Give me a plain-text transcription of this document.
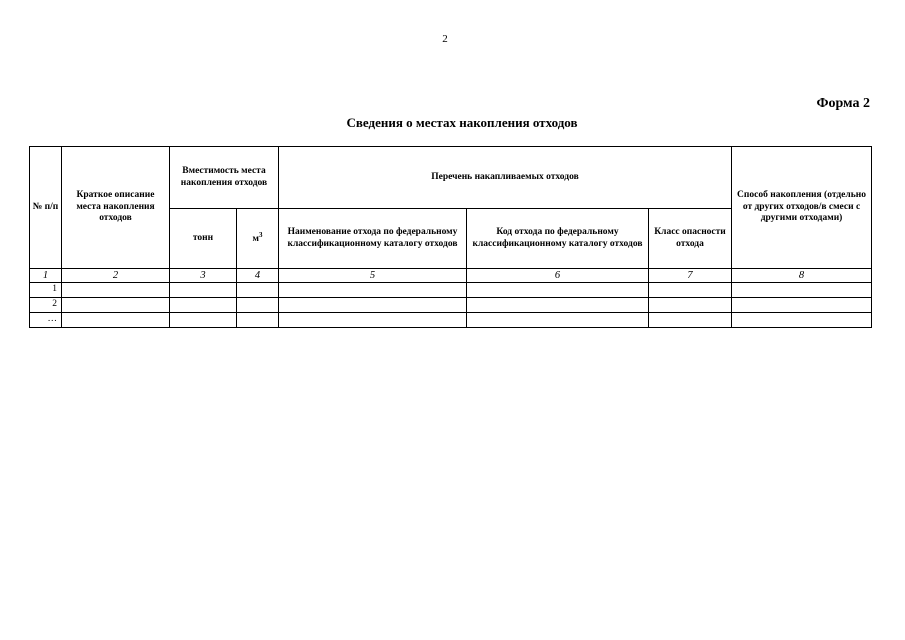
2
Форма 2
Сведения о местах накопления отходов
№ п/п	Краткое описание места накопления отходов	Вместимость места накопления отходов		Перечень накапливаемых отходов			Способ накопления (отдельно от других отходов/в смеси с другими отходами)
		тонн	$м^3$	Наименование отхода по федеральному классификационному каталогу отходов	Код отхода по федеральному классификационному каталогу отходов	Класс опасности отхода	
1	2	3	4	5	6	7	8
1							
2							
…							
